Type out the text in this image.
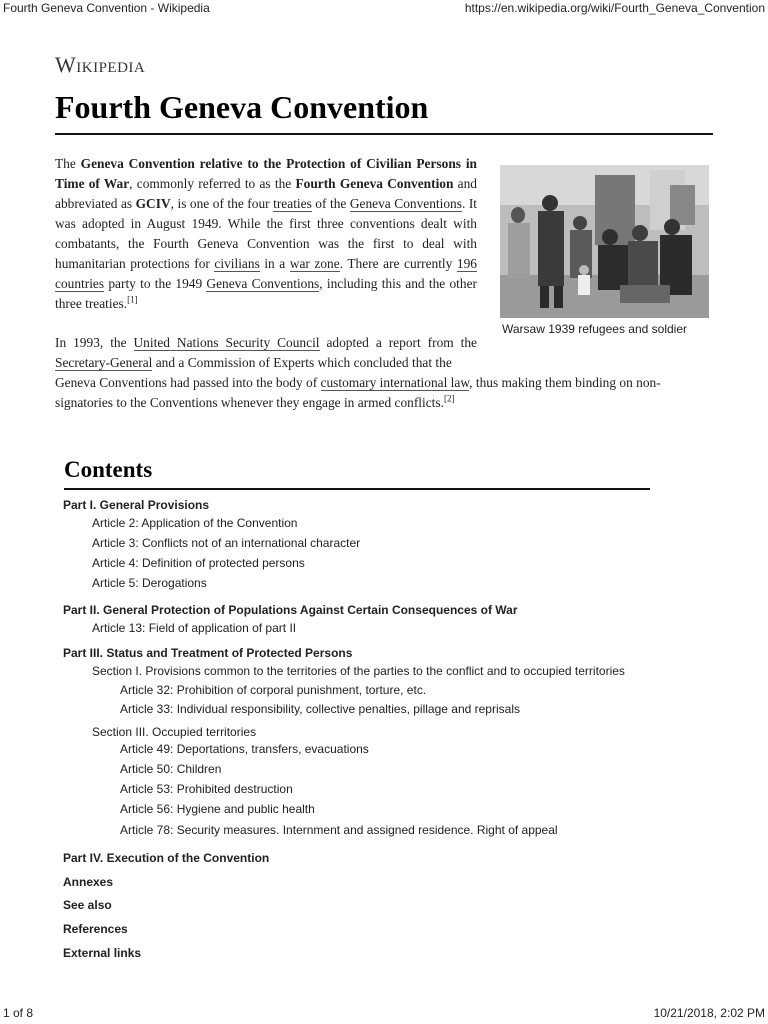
Fourth Geneva Convention - Wikipedia	https://en.wikipedia.org/wiki/Fourth_Geneva_Convention
Wikipedia
Fourth Geneva Convention
Warsaw 1939 refugees and soldier

The Geneva Convention relative to the Protection of Civilian Persons in Time of War, commonly referred to as the Fourth Geneva Convention and abbreviated as GCIV, is one of the four treaties of the Geneva Conventions. It was adopted in August 1949. While the first three conventions dealt with combatants, the Fourth Geneva Convention was the first to deal with humanitarian protections for civilians in a war zone. There are currently 196 countries party to the 1949 Geneva Conventions, including this and the other three treaties.[1]

In 1993, the United Nations Security Council adopted a report from the Secretary-General and a Commission of Experts which concluded that the
Geneva Conventions had passed into the body of customary international law, thus making them binding on non-signatories to the Conventions whenever they engage in armed conflicts.[2]

Contents
Part I. General Provisions
Article 2: Application of the Convention
Article 3: Conflicts not of an international character
Article 4: Definition of protected persons
Article 5: Derogations
Part II. General Protection of Populations Against Certain Consequences of War
Article 13: Field of application of part II
Part III. Status and Treatment of Protected Persons
Section I. Provisions common to the territories of the parties to the conflict and to occupied territories
Article 32: Prohibition of corporal punishment, torture, etc.
Article 33: Individual responsibility, collective penalties, pillage and reprisals
Section III. Occupied territories
Article 49: Deportations, transfers, evacuations
Article 50: Children
Article 53: Prohibited destruction
Article 56: Hygiene and public health
Article 78: Security measures. Internment and assigned residence. Right of appeal
Part IV. Execution of the Convention
Annexes
See also
References
External links
1 of 8	10/21/2018, 2:02 PM
